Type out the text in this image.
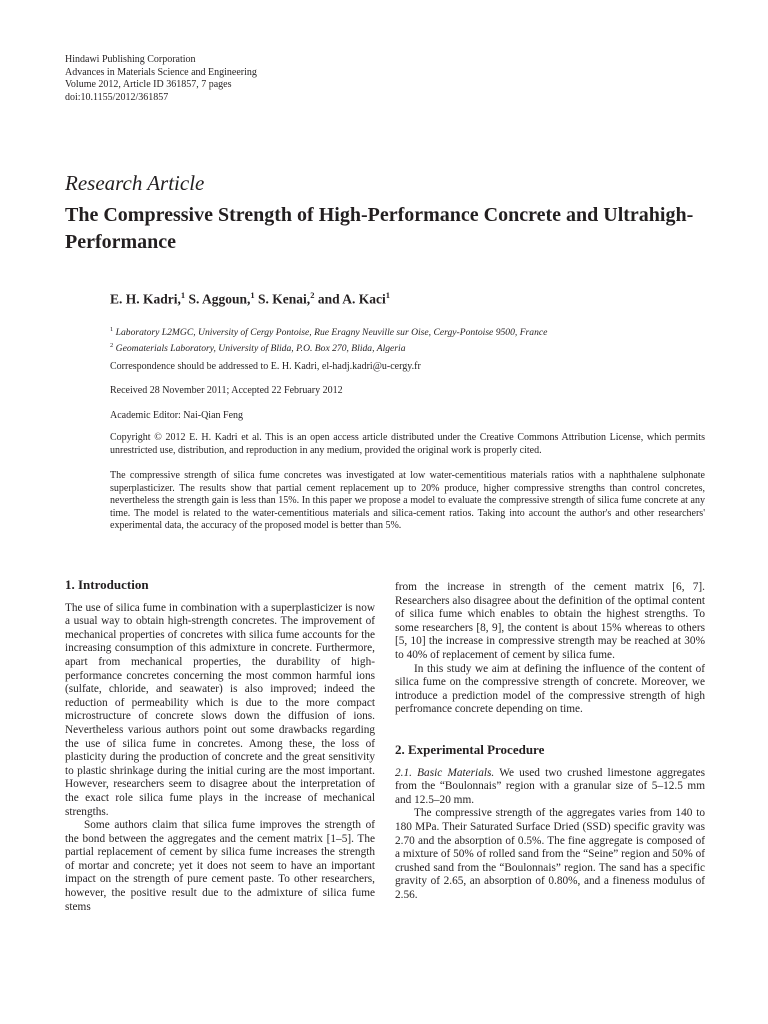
Hindawi Publishing Corporation
Advances in Materials Science and Engineering
Volume 2012, Article ID 361857, 7 pages
doi:10.1155/2012/361857
Research Article
The Compressive Strength of High-Performance Concrete and Ultrahigh-Performance
E. H. Kadri,$^1$ S. Aggoun,$^1$ S. Kenai,$^2$ and A. Kaci$^1$
$^1$ Laboratory L2MGC, University of Cergy Pontoise, Rue Eragny Neuville sur Oise, Cergy-Pontoise 9500, France
$^2$ Geomaterials Laboratory, University of Blida, P.O. Box 270, Blida, Algeria
Correspondence should be addressed to E. H. Kadri, el-hadj.kadri@u-cergy.fr
Received 28 November 2011; Accepted 22 February 2012
Academic Editor: Nai-Qian Feng
Copyright © 2012 E. H. Kadri et al. This is an open access article distributed under the Creative Commons Attribution License, which permits unrestricted use, distribution, and reproduction in any medium, provided the original work is properly cited.
The compressive strength of silica fume concretes was investigated at low water-cementitious materials ratios with a naphthalene sulphonate superplasticizer. The results show that partial cement replacement up to 20% produce, higher compressive strengths than control concretes, nevertheless the strength gain is less than 15%. In this paper we propose a model to evaluate the compressive strength of silica fume concrete at any time. The model is related to the water-cementitious materials and silica-cement ratios. Taking into account the author's and other researchers' experimental data, the accuracy of the proposed model is better than 5%.
1. Introduction

The use of silica fume in combination with a superplasticizer is now a usual way to obtain high-strength concretes. The improvement of mechanical properties of concretes with silica fume accounts for the increasing consumption of this admixture in concrete. Furthermore, apart from mechanical properties, the durability of high-performance concretes concerning the most common harmful ions (sulfate, chloride, and seawater) is also improved; indeed the reduction of permeability which is due to the more compact microstructure of concrete slows down the diffusion of ions. Nevertheless various authors point out some drawbacks regarding the use of silica fume in concretes. Among these, the loss of plasticity during the production of concrete and the great sensitivity to plastic shrinkage during the initial curing are the most important. However, researchers seem to disagree about the interpretation of the exact role silica fume plays in the increase of mechanical strengths.

Some authors claim that silica fume improves the strength of the bond between the aggregates and the cement matrix [1–5]. The partial replacement of cement by silica fume increases the strength of mortar and concrete; yet it does not seem to have an important impact on the strength of pure cement paste. To other researchers, however, the positive result due to the admixture of silica fume stems

from the increase in strength of the cement matrix [6, 7]. Researchers also disagree about the definition of the optimal content of silica fume which enables to obtain the highest strengths. To some researchers [8, 9], the content is about 15% whereas to others [5, 10] the increase in compressive strength may be reached at 30% to 40% of replacement of cement by silica fume.

In this study we aim at defining the influence of the content of silica fume on the compressive strength of concrete. Moreover, we introduce a prediction model of the compressive strength of high perfromance concrete depending on time.

2. Experimental Procedure

2.1. Basic Materials. We used two crushed limestone aggregates from the “Boulonnais” region with a granular size of 5–12.5 mm and 12.5–20 mm.

The compressive strength of the aggregates varies from 140 to 180 MPa. Their Saturated Surface Dried (SSD) specific gravity was 2.70 and the absorption of 0.5%. The fine aggregate is composed of a mixture of 50% of rolled sand from the “Seine” region and 50% of crushed sand from the “Boulonnais” region. The sand has a specific gravity of 2.65, an absorption of 0.80%, and a fineness modulus of 2.56.
